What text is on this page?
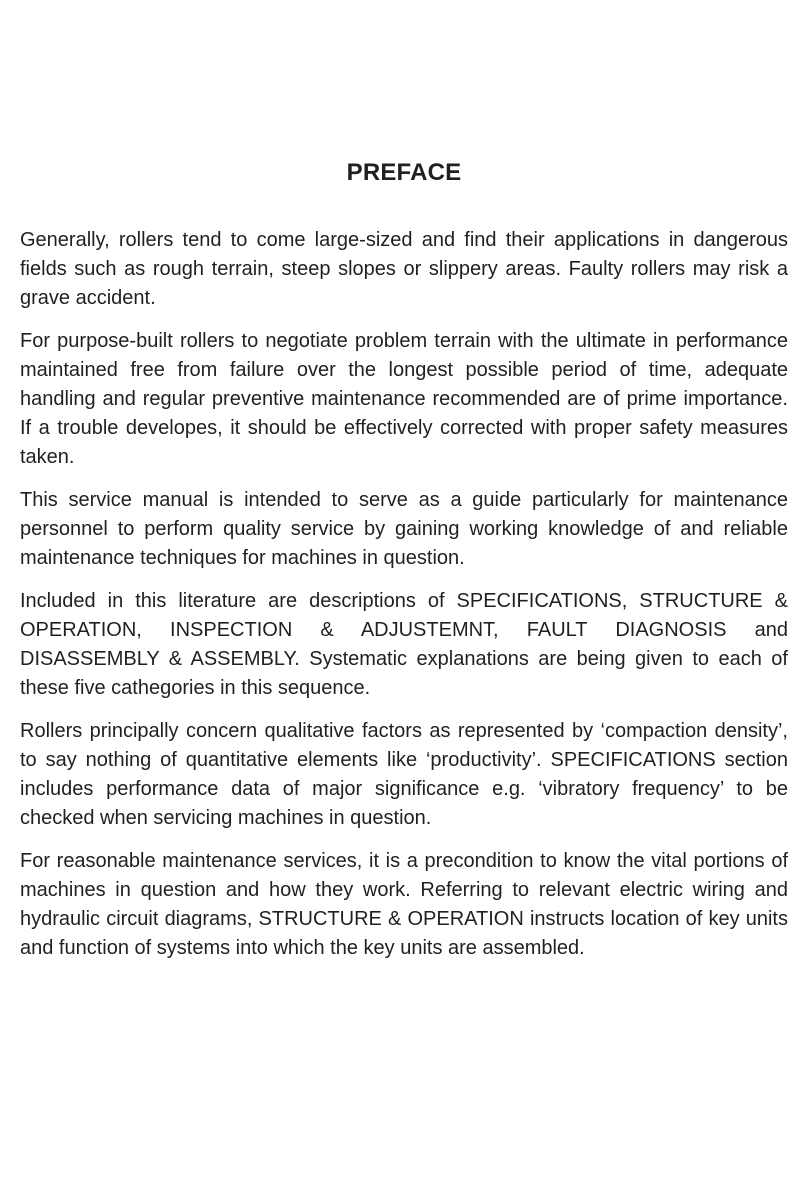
PREFACE

Generally, rollers tend to come large-sized and find their applications in dangerous fields such as rough terrain, steep slopes or slippery areas. Faulty rollers may risk a grave accident.

For purpose-built rollers to negotiate problem terrain with the ultimate in performance maintained free from failure over the longest possible period of time, adequate handling and regular preventive maintenance recommended are of prime importance. If a trouble developes, it should be effectively corrected with proper safety measures taken.

This service manual is intended to serve as a guide particularly for maintenance personnel to perform quality service by gaining working knowledge of and reliable maintenance techniques for machines in question.

Included in this literature are descriptions of SPECIFICATIONS, STRUCTURE & OPERATION, INSPECTION & ADJUSTEMNT, FAULT DIAGNOSIS and DISASSEMBLY & ASSEMBLY. Systematic explanations are being given to each of these five cathegories in this sequence.

Rollers principally concern qualitative factors as represented by ‘compaction density’, to say nothing of quantitative elements like ‘productivity’. SPECIFICATIONS section includes performance data of major significance e.g. ‘vibratory frequency’ to be checked when servicing machines in question.

For reasonable maintenance services, it is a precondition to know the vital portions of machines in question and how they work. Referring to relevant electric wiring and hydraulic circuit diagrams, STRUCTURE & OPERATION instructs location of key units and function of systems into which the key units are assembled.
